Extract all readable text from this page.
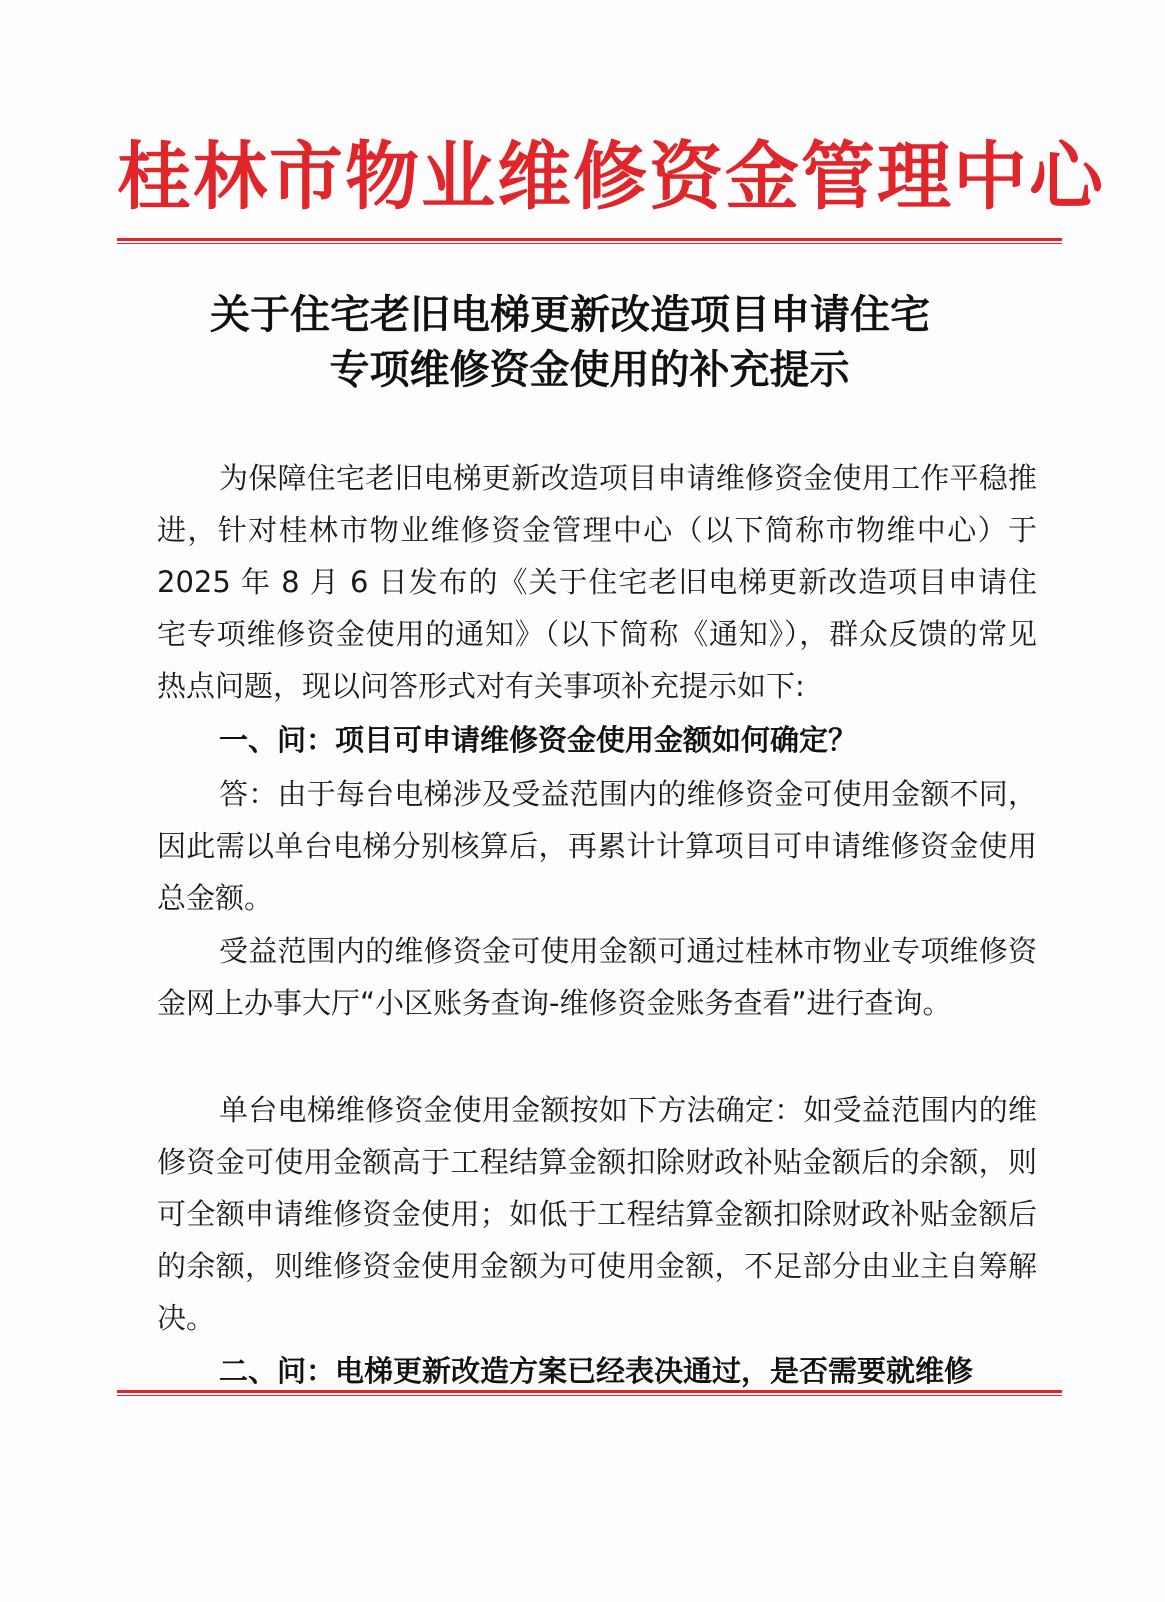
桂林市物业维修资金管理中心
关于住宅老旧电梯更新改造项目申请住宅
专项维修资金使用的补充提示

为保障住宅老旧电梯更新改造项目申请维修资金使用工作平稳推进，针对桂林市物业维修资金管理中心（以下简称市物维中心）于 2025 年 8 月 6 日发布的《关于住宅老旧电梯更新改造项目申请住宅专项维修资金使用的通知》（以下简称《通知》），群众反馈的常见热点问题，现以问答形式对有关事项补充提示如下:

一、问：项目可申请维修资金使用金额如何确定？

答：由于每台电梯涉及受益范围内的维修资金可使用金额不同，因此需以单台电梯分别核算后，再累计计算项目可申请维修资金使用总金额。

受益范围内的维修资金可使用金额可通过桂林市物业专项维修资金网上办事大厅“小区账务查询-维修资金账务查看”进行查询。

单台电梯维修资金使用金额按如下方法确定：如受益范围内的维修资金可使用金额高于工程结算金额扣除财政补贴金额后的余额，则可全额申请维修资金使用；如低于工程结算金额扣除财政补贴金额后的余额，则维修资金使用金额为可使用金额，不足部分由业主自筹解决。

二、问：电梯更新改造方案已经表决通过，是否需要就维修
